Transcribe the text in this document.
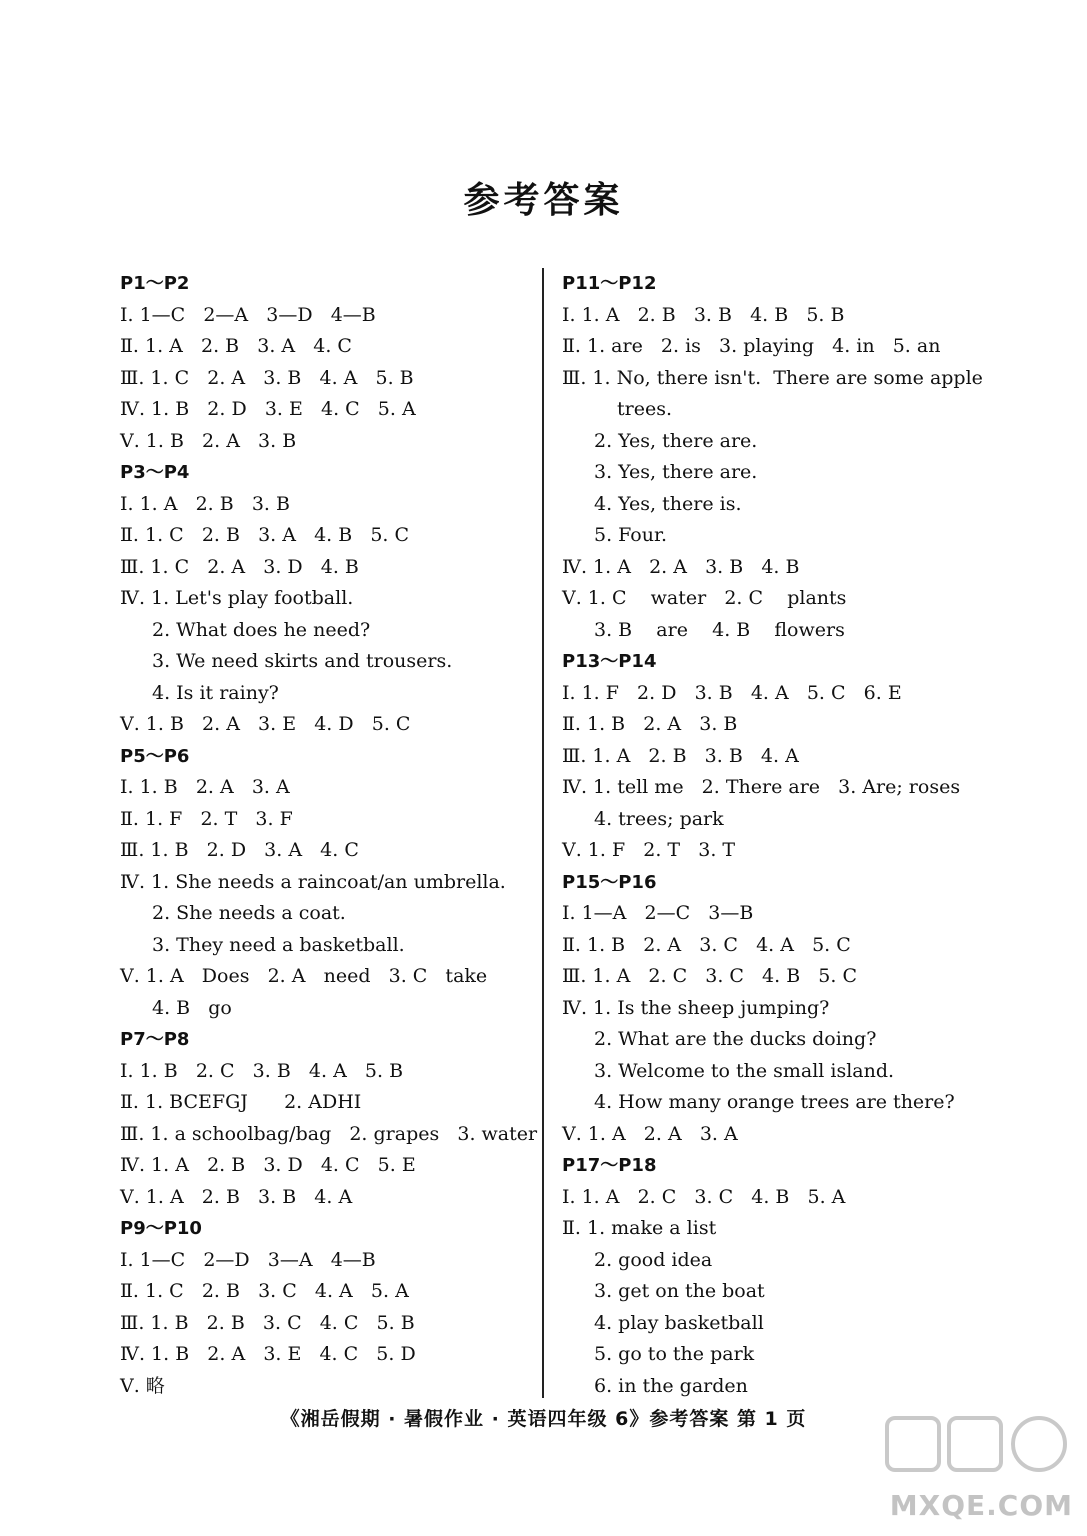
参考答案
P1～P2
Ⅰ. 1—C   2—A   3—D   4—B
Ⅱ. 1. A   2. B   3. A   4. C
Ⅲ. 1. C   2. A   3. B   4. A   5. B
Ⅳ. 1. B   2. D   3. E   4. C   5. A
Ⅴ. 1. B   2. A   3. B
P3～P4
Ⅰ. 1. A   2. B   3. B
Ⅱ. 1. C   2. B   3. A   4. B   5. C
Ⅲ. 1. C   2. A   3. D   4. B
Ⅳ. 1. Let's play football.
2. What does he need?
3. We need skirts and trousers.
4. Is it rainy?
Ⅴ. 1. B   2. A   3. E   4. D   5. C
P5～P6
Ⅰ. 1. B   2. A   3. A
Ⅱ. 1. F   2. T   3. F
Ⅲ. 1. B   2. D   3. A   4. C
Ⅳ. 1. She needs a raincoat/an umbrella.
2. She needs a coat.
3. They need a basketball.
Ⅴ. 1. A   Does   2. A   need   3. C   take
4. B   go
P7～P8
Ⅰ. 1. B   2. C   3. B   4. A   5. B
Ⅱ. 1. BCEFGJ      2. ADHI
Ⅲ. 1. a schoolbag/bag   2. grapes   3. water
Ⅳ. 1. A   2. B   3. D   4. C   5. E
Ⅴ. 1. A   2. B   3. B   4. A
P9～P10
Ⅰ. 1—C   2—D   3—A   4—B
Ⅱ. 1. C   2. B   3. C   4. A   5. A
Ⅲ. 1. B   2. B   3. C   4. C   5. B
Ⅳ. 1. B   2. A   3. E   4. C   5. D
Ⅴ. 略
P11～P12
Ⅰ. 1. A   2. B   3. B   4. B   5. B
Ⅱ. 1. are   2. is   3. playing   4. in   5. an
Ⅲ. 1. No, there isn't.  There are some apple
trees.
2. Yes, there are.
3. Yes, there are.
4. Yes, there is.
5. Four.
Ⅳ. 1. A   2. A   3. B   4. B
Ⅴ. 1. C    water   2. C    plants
3. B    are    4. B    flowers
P13～P14
Ⅰ. 1. F   2. D   3. B   4. A   5. C   6. E
Ⅱ. 1. B   2. A   3. B
Ⅲ. 1. A   2. B   3. B   4. A
Ⅳ. 1. tell me   2. There are   3. Are; roses
4. trees; park
Ⅴ. 1. F   2. T   3. T
P15～P16
Ⅰ. 1—A   2—C   3—B
Ⅱ. 1. B   2. A   3. C   4. A   5. C
Ⅲ. 1. A   2. C   3. C   4. B   5. C
Ⅳ. 1. Is the sheep jumping?
2. What are the ducks doing?
3. Welcome to the small island.
4. How many orange trees are there?
Ⅴ. 1. A   2. A   3. A
P17～P18
Ⅰ. 1. A   2. C   3. C   4. B   5. A
Ⅱ. 1. make a list
2. good idea
3. get on the boat
4. play basketball
5. go to the park
6. in the garden
《湘岳假期 · 暑假作业 · 英语四年级 6》参考答案 第 1 页
MXQE.COM
